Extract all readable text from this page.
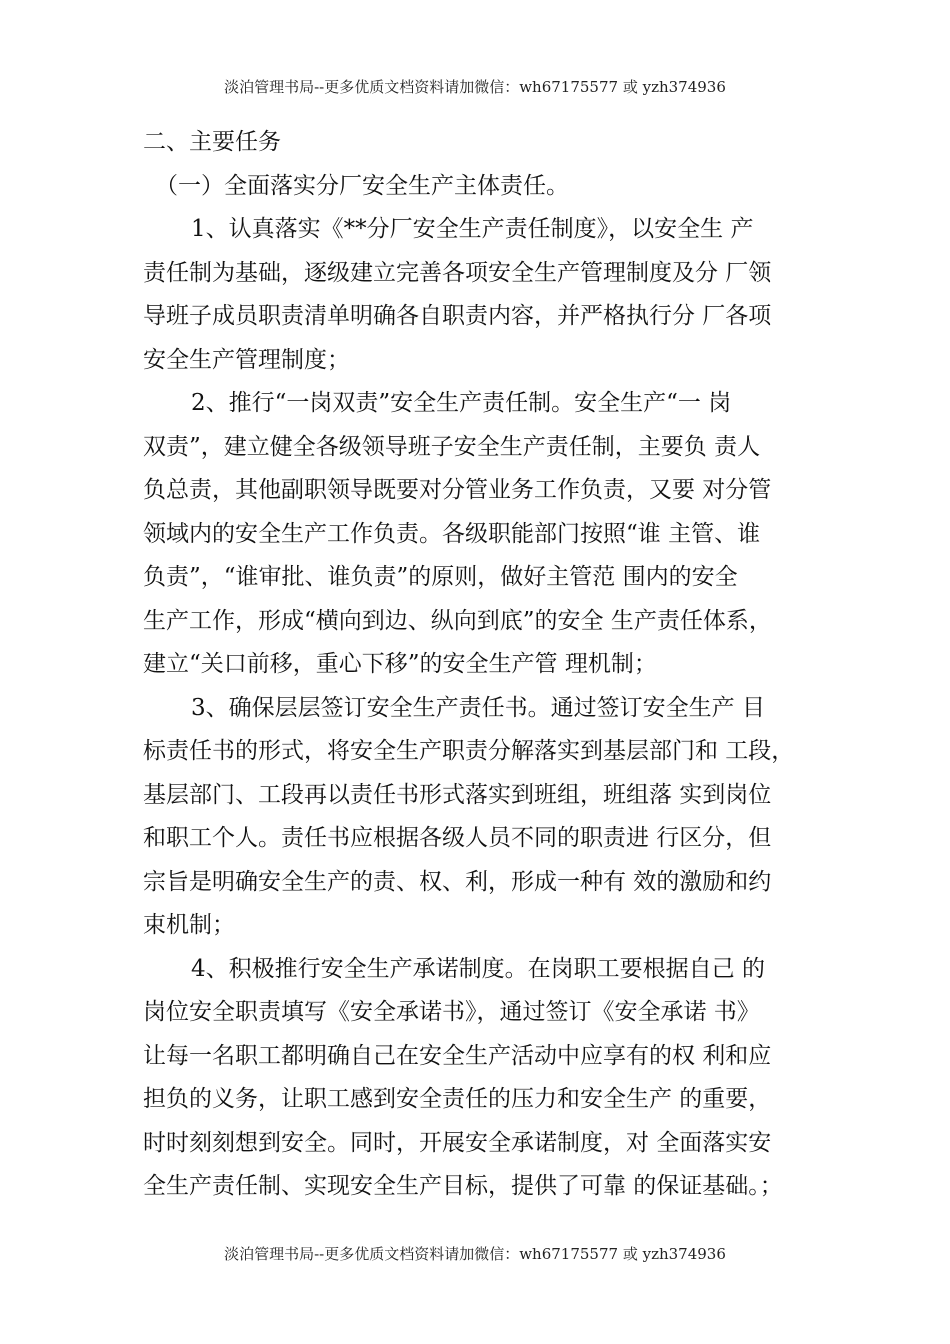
淡泊管理书局--更多优质文档资料请加微信：wh67175577 或 yzh374936
二、主要任务
（一）全面落实分厂安全生产主体责任。
1、认真落实《**分厂安全生产责任制度》，以安全生 产
责任制为基础，逐级建立完善各项安全生产管理制度及分 厂领
导班子成员职责清单明确各自职责内容，并严格执行分 厂各项
安全生产管理制度；
2、推行“一岗双责”安全生产责任制。安全生产“一 岗
双责”，建立健全各级领导班子安全生产责任制，主要负 责人
负总责，其他副职领导既要对分管业务工作负责，又要 对分管
领域内的安全生产工作负责。各级职能部门按照“谁 主管、谁
负责”，“谁审批、谁负责”的原则，做好主管范 围内的安全
生产工作，形成“横向到边、纵向到底”的安全 生产责任体系，
建立“关口前移，重心下移”的安全生产管 理机制；
3、确保层层签订安全生产责任书。通过签订安全生产 目
标责任书的形式，将安全生产职责分解落实到基层部门和 工段，
基层部门、工段再以责任书形式落实到班组，班组落 实到岗位
和职工个人。责任书应根据各级人员不同的职责进 行区分，但
宗旨是明确安全生产的责、权、利，形成一种有 效的激励和约
束机制；
4、积极推行安全生产承诺制度。在岗职工要根据自己 的
岗位安全职责填写《安全承诺书》，通过签订《安全承诺 书》
让每一名职工都明确自己在安全生产活动中应享有的权 利和应
担负的义务，让职工感到安全责任的压力和安全生产 的重要，
时时刻刻想到安全。同时，开展安全承诺制度，对 全面落实安
全生产责任制、实现安全生产目标，提供了可靠 的保证基础。；
淡泊管理书局--更多优质文档资料请加微信：wh67175577 或 yzh374936
